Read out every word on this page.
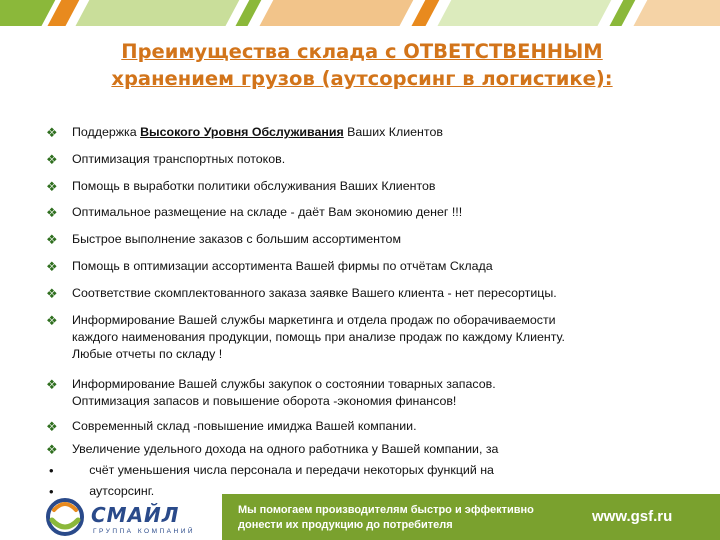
Преимущества склада с ОТВЕТСТВЕННЫМ
хранением грузов (аутсорсинг в логистике):
❖	Поддержка Высокого Уровня Обслуживания Ваших Клиентов
❖	Оптимизация транспортных потоков.
❖	Помощь в выработки политики обслуживания Ваших Клиентов
❖	Оптимальное размещение на складе - даёт Вам экономию денег !!!
❖	Быстрое выполнение заказов с большим ассортиментом
❖	Помощь в оптимизации ассортимента Вашей фирмы по отчётам Склада
❖	Соответствие скомплектованного заказа заявке Вашего клиента - нет пересортицы.
❖	Информирование Вашей службы маркетинга и отдела продаж по оборачиваемости
каждого наименования продукции, помощь при анализе продаж по каждому Клиенту.
Любые отчеты по складу !
❖	Информирование Вашей службы закупок о состоянии товарных запасов.
Оптимизация запасов и повышение оборота -экономия финансов!
❖	Современный склад -повышение имиджа Вашей компании.
❖	Увеличение удельного дохода на одного работника у Вашей компании, за
•	счёт уменьшения числа персонала и передачи некоторых функций на
•	аутсорсинг.
СМАЙЛ
ГРУППА КОМПАНИЙ
Мы помогаем производителям быстро и эффективно
донести их продукцию до потребителя	www.gsf.ru
